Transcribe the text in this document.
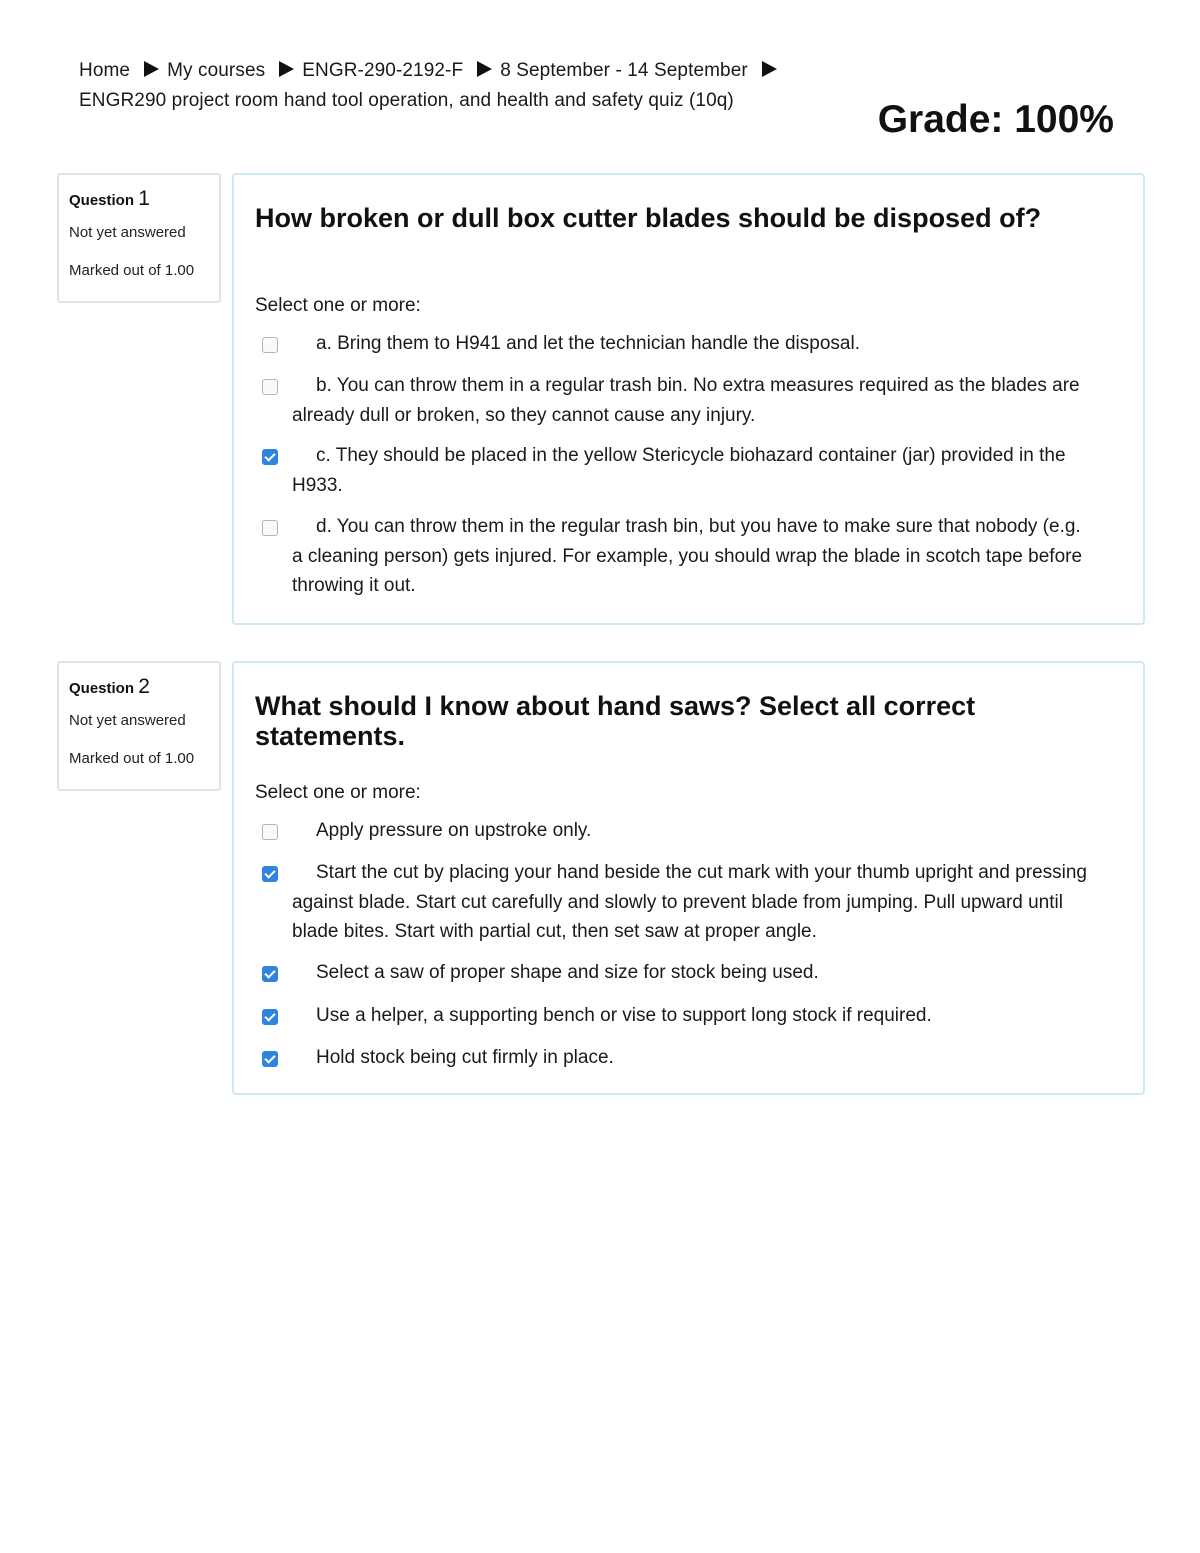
Home My courses ENGR-290-2192-F 8 September - 14 September
ENGR290 project room hand tool operation, and health and safety quiz (10q)	Grade: 100%
Question 1
Not yet answered
Marked out of 1.00
How broken or dull box cutter blades should be disposed of?
Select one or more:
a. Bring them to H941 and let the technician handle the disposal.
b. You can throw them in a regular trash bin. No extra measures required as the blades are already dull or broken, so they cannot cause any injury.
c. They should be placed in the yellow Stericycle biohazard container (jar) provided in the H933.
d. You can throw them in the regular trash bin, but you have to make sure that nobody (e.g. a cleaning person) gets injured. For example, you should wrap the blade in scotch tape before throwing it out.
Question 2
Not yet answered
Marked out of 1.00
What should I know about hand saws? Select all correct statements.
Select one or more:
Apply pressure on upstroke only.
Start the cut by placing your hand beside the cut mark with your thumb upright and pressing against blade. Start cut carefully and slowly to prevent blade from jumping. Pull upward until blade bites. Start with partial cut, then set saw at proper angle.
Select a saw of proper shape and size for stock being used.
Use a helper, a supporting bench or vise to support long stock if required.
Hold stock being cut firmly in place.
